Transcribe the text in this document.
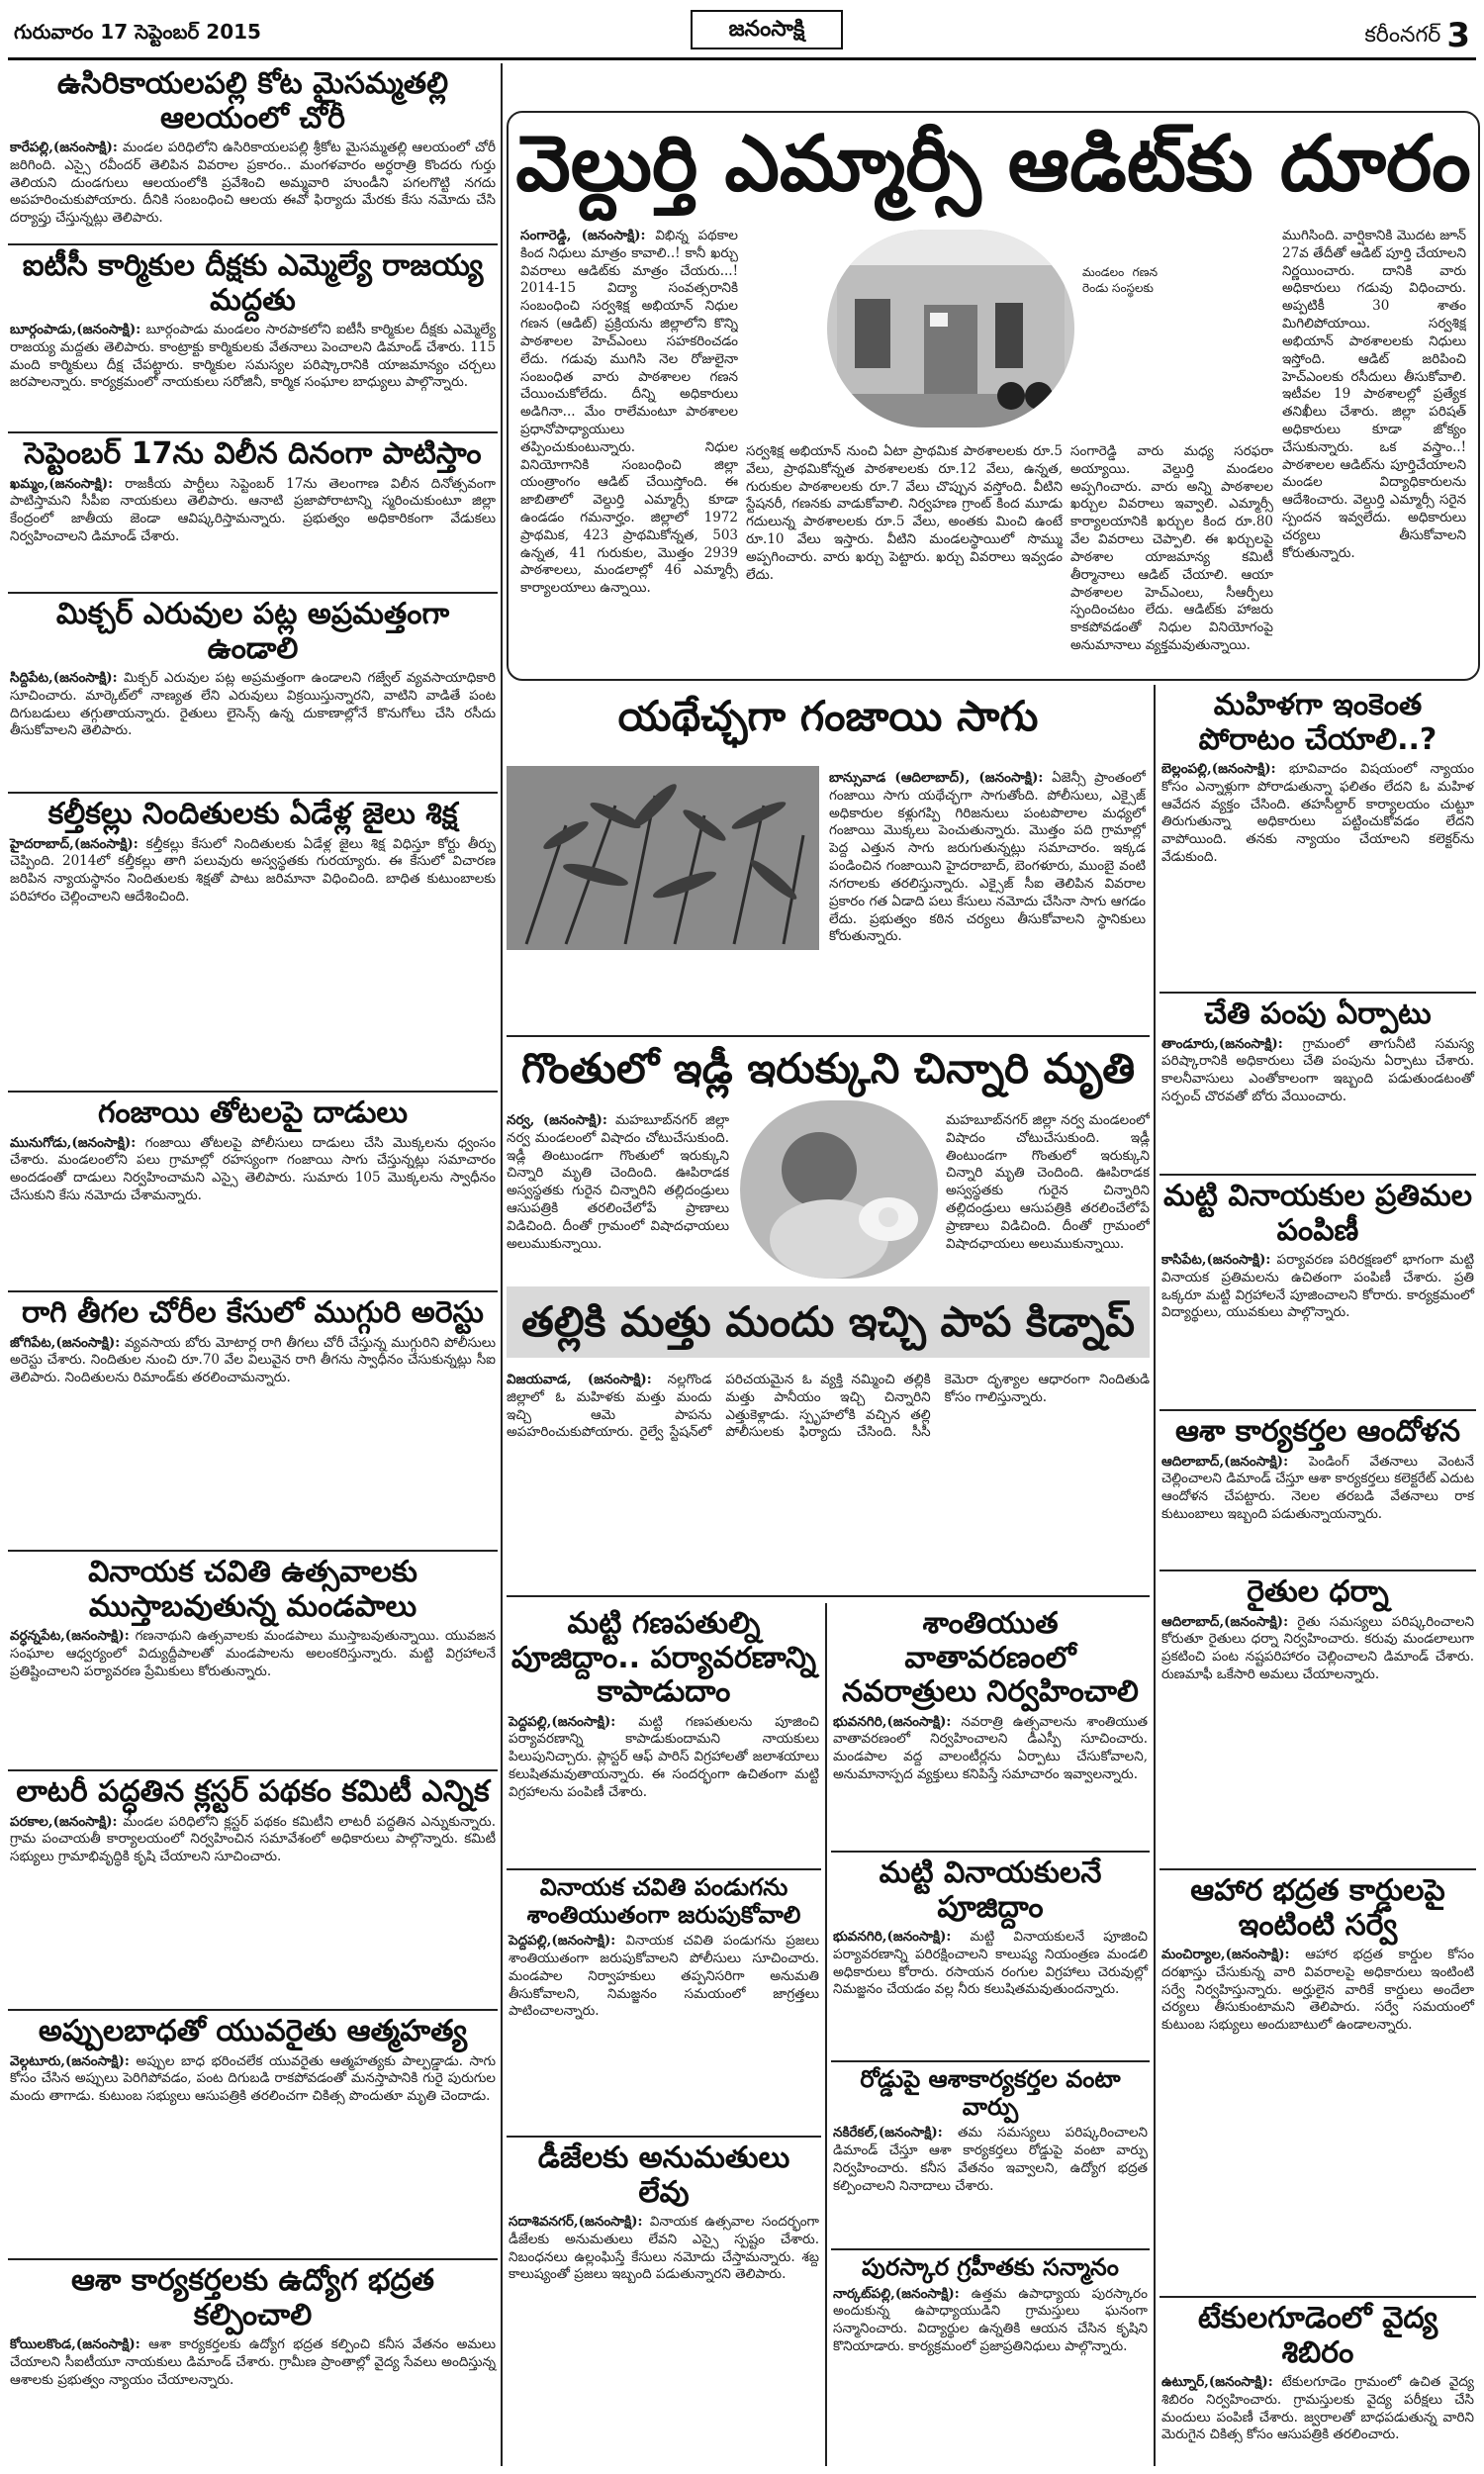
గురువారం 17 సెప్టెంబర్‌ 2015	జనంసాక్షి	కరీంనగర్‌ 3
ఉసిరికాయలపల్లి కోట మైసమ్మతల్లి ఆలయంలో చోరీ
కారేపల్లి,(జనంసాక్షి): మండల పరిధిలోని ఉసిరికాయలపల్లి శ్రీకోట మైసమ్మతల్లి ఆలయంలో చోరీ జరిగింది. ఎస్సై రవీందర్‌ తెలిపిన వివరాల ప్రకారం.. మంగళవారం అర్ధరాత్రి కొందరు గుర్తు తెలియని దుండగులు ఆలయంలోకి ప్రవేశించి అమ్మవారి హుండీని పగలగొట్టి నగదు అపహరించుకుపోయారు. దీనికి సంబంధించి ఆలయ ఈవో ఫిర్యాదు మేరకు కేసు నమోదు చేసి దర్యాప్తు చేస్తున్నట్లు తెలిపారు.
ఐటీసీ కార్మికుల దీక్షకు ఎమ్మెల్యే రాజయ్య మద్దతు
బూర్గంపాడు,(జనంసాక్షి): బూర్గంపాడు మండలం సారపాకలోని ఐటీసీ కార్మికుల దీక్షకు ఎమ్మెల్యే రాజయ్య మద్దతు తెలిపారు. కాంట్రాక్టు కార్మికులకు వేతనాలు పెంచాలని డిమాండ్‌ చేశారు. 115 మంది కార్మికులు దీక్ష చేపట్టారు. కార్మికుల సమస్యల పరిష్కారానికి యాజమాన్యం చర్చలు జరపాలన్నారు. కార్యక్రమంలో నాయకులు సరోజినీ, కార్మిక సంఘాల బాధ్యులు పాల్గొన్నారు.
సెప్టెంబర్‌ 17ను విలీన దినంగా పాటిస్తాం
ఖమ్మం,(జనంసాక్షి): రాజకీయ పార్టీలు సెప్టెంబర్‌ 17ను తెలంగాణ విలీన దినోత్సవంగా పాటిస్తామని సీపీఐ నాయకులు తెలిపారు. ఆనాటి ప్రజాపోరాటాన్ని స్మరించుకుంటూ జిల్లా కేంద్రంలో జాతీయ జెండా ఆవిష్కరిస్తామన్నారు. ప్రభుత్వం అధికారికంగా వేడుకలు నిర్వహించాలని డిమాండ్‌ చేశారు.
మిక్చర్‌ ఎరువుల పట్ల అప్రమత్తంగా ఉండాలి
సిద్దిపేట,(జనంసాక్షి): మిక్చర్‌ ఎరువుల పట్ల అప్రమత్తంగా ఉండాలని గజ్వేల్‌ వ్యవసాయాధికారి సూచించారు. మార్కెట్‌లో నాణ్యత లేని ఎరువులు విక్రయిస్తున్నారని, వాటిని వాడితే పంట దిగుబడులు తగ్గుతాయన్నారు. రైతులు లైసెన్స్‌ ఉన్న దుకాణాల్లోనే కొనుగోలు చేసి రసీదు తీసుకోవాలని తెలిపారు.
కల్తీకల్లు నిందితులకు ఏడేళ్ల జైలు శిక్ష
హైదరాబాద్‌,(జనంసాక్షి): కల్తీకల్లు కేసులో నిందితులకు ఏడేళ్ల జైలు శిక్ష విధిస్తూ కోర్టు తీర్పు చెప్పింది. 2014లో కల్తీకల్లు తాగి పలువురు అస్వస్థతకు గురయ్యారు. ఈ కేసులో విచారణ జరిపిన న్యాయస్థానం నిందితులకు శిక్షతో పాటు జరిమానా విధించింది. బాధిత కుటుంబాలకు పరిహారం చెల్లించాలని ఆదేశించింది.
గంజాయి తోటలపై దాడులు
మునుగోడు,(జనంసాక్షి): గంజాయి తోటలపై పోలీసులు దాడులు చేసి మొక్కలను ధ్వంసం చేశారు. మండలంలోని పలు గ్రామాల్లో రహస్యంగా గంజాయి సాగు చేస్తున్నట్లు సమాచారం అందడంతో దాడులు నిర్వహించామని ఎస్సై తెలిపారు. సుమారు 105 మొక్కలను స్వాధీనం చేసుకుని కేసు నమోదు చేశామన్నారు.
రాగి తీగల చోరీల కేసులో ముగ్గురి అరెస్టు
జోగిపేట,(జనంసాక్షి): వ్యవసాయ బోరు మోటార్ల రాగి తీగలు చోరీ చేస్తున్న ముగ్గురిని పోలీసులు అరెస్టు చేశారు. నిందితుల నుంచి రూ.70 వేల విలువైన రాగి తీగను స్వాధీనం చేసుకున్నట్లు సీఐ తెలిపారు. నిందితులను రిమాండ్‌కు తరలించామన్నారు.
వినాయక చవితి ఉత్సవాలకు ముస్తాబవుతున్న మండపాలు
వర్ధన్నపేట,(జనంసాక్షి): గణనాథుని ఉత్సవాలకు మండపాలు ముస్తాబవుతున్నాయి. యువజన సంఘాల ఆధ్వర్యంలో విద్యుద్దీపాలతో మండపాలను అలంకరిస్తున్నారు. మట్టి విగ్రహాలనే ప్రతిష్టించాలని పర్యావరణ ప్రేమికులు కోరుతున్నారు.
లాటరీ పద్ధతిన క్లస్టర్‌ పథకం కమిటీ ఎన్నిక
పరకాల,(జనంసాక్షి): మండల పరిధిలోని క్లస్టర్‌ పథకం కమిటీని లాటరీ పద్ధతిన ఎన్నుకున్నారు. గ్రామ పంచాయతీ కార్యాలయంలో నిర్వహించిన సమావేశంలో అధికారులు పాల్గొన్నారు. కమిటీ సభ్యులు గ్రామాభివృద్ధికి కృషి చేయాలని సూచించారు.
అప్పులబాధతో యువరైతు ఆత్మహత్య
వెల్గటూరు,(జనంసాక్షి): అప్పుల బాధ భరించలేక యువరైతు ఆత్మహత్యకు పాల్పడ్డాడు. సాగు కోసం చేసిన అప్పులు పెరిగిపోవడం, పంట దిగుబడి రాకపోవడంతో మనస్తాపానికి గురై పురుగుల మందు తాగాడు. కుటుంబ సభ్యులు ఆసుపత్రికి తరలించగా చికిత్స పొందుతూ మృతి చెందాడు.
ఆశా కార్యకర్తలకు ఉద్యోగ భద్రత కల్పించాలి
కోయిలకొండ,(జనంసాక్షి): ఆశా కార్యకర్తలకు ఉద్యోగ భద్రత కల్పించి కనీస వేతనం అమలు చేయాలని సీఐటీయూ నాయకులు డిమాండ్‌ చేశారు. గ్రామీణ ప్రాంతాల్లో వైద్య సేవలు అందిస్తున్న ఆశాలకు ప్రభుత్వం న్యాయం చేయాలన్నారు.
వెల్దుర్తి ఎమ్మార్సీ ఆడిట్‌కు దూరం
సంగారెడ్డి, (జనంసాక్షి): విభిన్న పథకాల కింద నిధులు మాత్రం కావాలి..! కానీ ఖర్చు వివరాలు ఆడిట్‌కు మాత్రం చేయరు...! 2014-15 విద్యా సంవత్సరానికి సంబంధించి సర్వశిక్ష అభియాన్‌ నిధుల గణన (ఆడిట్‌) ప్రక్రియను జిల్లాలోని కొన్ని పాఠశాలల హెచ్‌ఎంలు సహకరించడం లేదు. గడువు ముగిసి నెల రోజులైనా సంబంధిత వారు పాఠశాలల గణన చేయించుకోలేదు. దీన్ని అధికారులు అడిగినా... మేం రాలేమంటూ పాఠశాలల ప్రధానోపాధ్యాయులు తప్పించుకుంటున్నారు. నిధుల వినియోగానికి సంబంధించి జిల్లా యంత్రాంగం ఆడిట్‌ చేయిస్తోంది. ఈ జాబితాలో వెల్దుర్తి ఎమ్మార్సీ కూడా ఉండడం గమనార్హం. జిల్లాలో 1972 ప్రాథమిక, 423 ప్రాథమికోన్నత, 503 ఉన్నత, 41 గురుకుల, మొత్తం 2939 పాఠశాలలు, మండలాల్లో 46 ఎమ్మార్సీ కార్యాలయాలు ఉన్నాయి.
మండలం గణన రెండు సంస్థలకు
సర్వశిక్ష అభియాన్‌ నుంచి ఏటా ప్రాథమిక పాఠశాలలకు రూ.5 వేలు, ప్రాథమికోన్నత పాఠశాలలకు రూ.12 వేలు, ఉన్నత, గురుకుల పాఠశాలలకు రూ.7 వేలు చొప్పున వస్తోంది. వీటిని స్టేషనరీ, గణనకు వాడుకోవాలి. నిర్వహణ గ్రాంట్‌ కింద మూడు గదులున్న పాఠశాలలకు రూ.5 వేలు, అంతకు మించి ఉంటే రూ.10 వేలు ఇస్తారు. వీటిని మండలస్థాయిలో సొమ్ము అప్పగించారు. వారు ఖర్చు పెట్టారు. ఖర్చు వివరాలు ఇవ్వడం లేదు.
సంగారెడ్డి వారు మధ్య సరఫరా అయ్యాయి. వెల్దుర్తి మండలం అప్పగించారు. వారు అన్ని పాఠశాలల ఖర్చుల వివరాలు ఇవ్వాలి. ఎమ్మార్సీ కార్యాలయానికి ఖర్చుల కింద రూ.80 వేల వివరాలు చెప్పాలి. ఈ ఖర్చులపై పాఠశాల యాజమాన్య కమిటీ తీర్మానాలు ఆడిట్‌ చేయాలి. ఆయా పాఠశాలల హెచ్‌ఎంలు, సీఆర్పీలు స్పందించటం లేదు. ఆడిట్‌కు హాజరు కాకపోవడంతో నిధుల వినియోగంపై అనుమానాలు వ్యక్తమవుతున్నాయి.
ముగిసింది. వార్షికానికి మొదట జూన్‌ 27వ తేదీతో ఆడిట్‌ పూర్తి చేయాలని నిర్ణయించారు. దానికి వారు అధికారులు గడువు విధించారు. అప్పటికీ 30 శాతం మిగిలిపోయాయి. సర్వశిక్ష అభియాన్‌ పాఠశాలలకు నిధులు ఇస్తోంది. ఆడిట్‌ జరిపించి హెచ్‌ఎంలకు రసీదులు తీసుకోవాలి. ఇటీవల 19 పాఠశాలల్లో ప్రత్యేక తనిఖీలు చేశారు. జిల్లా పరిషత్‌ అధికారులు కూడా జోక్యం చేసుకున్నారు. ఒక వస్త్రాం..! పాఠశాలల ఆడిట్‌ను పూర్తిచేయాలని మండల విద్యాధికారులను ఆదేశించారు. వెల్దుర్తి ఎమ్మార్సీ సరైన స్పందన ఇవ్వలేదు. అధికారులు చర్యలు తీసుకోవాలని కోరుతున్నారు.
యథేచ్ఛగా గంజాయి సాగు
బాన్సువాడ (ఆదిలాబాద్‌), (జనంసాక్షి): ఏజెన్సీ ప్రాంతంలో గంజాయి సాగు యథేచ్ఛగా సాగుతోంది. పోలీసులు, ఎక్సైజ్‌ అధికారుల కళ్లుగప్పి గిరిజనులు పంటపొలాల మధ్యలో గంజాయి మొక్కలు పెంచుతున్నారు. మొత్తం పది గ్రామాల్లో పెద్ద ఎత్తున సాగు జరుగుతున్నట్లు సమాచారం. ఇక్కడ పండించిన గంజాయిని హైదరాబాద్‌, బెంగళూరు, ముంబై వంటి నగరాలకు తరలిస్తున్నారు. ఎక్సైజ్‌ సీఐ తెలిపిన వివరాల ప్రకారం గత ఏడాది పలు కేసులు నమోదు చేసినా సాగు ఆగడం లేదు. ప్రభుత్వం కఠిన చర్యలు తీసుకోవాలని స్థానికులు కోరుతున్నారు.
గొంతులో ఇడ్లీ ఇరుక్కుని చిన్నారి మృతి
నర్వ, (జనంసాక్షి): మహబూబ్‌నగర్‌ జిల్లా నర్వ మండలంలో విషాదం చోటుచేసుకుంది. ఇడ్లీ తింటుండగా గొంతులో ఇరుక్కుని చిన్నారి మృతి చెందింది. ఊపిరాడక అస్వస్థతకు గురైన చిన్నారిని తల్లిదండ్రులు ఆసుపత్రికి తరలించేలోపే ప్రాణాలు విడిచింది. దీంతో గ్రామంలో విషాదఛాయలు అలుముకున్నాయి.
మహబూబ్‌నగర్‌ జిల్లా నర్వ మండలంలో విషాదం చోటుచేసుకుంది. ఇడ్లీ తింటుండగా గొంతులో ఇరుక్కుని చిన్నారి మృతి చెందింది. ఊపిరాడక అస్వస్థతకు గురైన చిన్నారిని తల్లిదండ్రులు ఆసుపత్రికి తరలించేలోపే ప్రాణాలు విడిచింది. దీంతో గ్రామంలో విషాదఛాయలు అలుముకున్నాయి.
తల్లికి మత్తు మందు ఇచ్చి పాప కిడ్నాప్‌
విజయవాడ, (జనంసాక్షి): నల్లగొండ జిల్లాలో ఓ మహిళకు మత్తు మందు ఇచ్చి ఆమె పాపను అపహరించుకుపోయారు. రైల్వే స్టేషన్‌లో పరిచయమైన ఓ వ్యక్తి నమ్మించి తల్లికి మత్తు పానీయం ఇచ్చి చిన్నారిని ఎత్తుకెళ్లాడు. స్పృహలోకి వచ్చిన తల్లి పోలీసులకు ఫిర్యాదు చేసింది. సీసీ కెమెరా దృశ్యాల ఆధారంగా నిందితుడి కోసం గాలిస్తున్నారు.
మట్టి గణపతుల్ని పూజిద్దాం.. పర్యావరణాన్ని కాపాడుదాం
పెద్దపల్లి,(జనంసాక్షి): మట్టి గణపతులను పూజించి పర్యావరణాన్ని కాపాడుకుందామని నాయకులు పిలుపునిచ్చారు. ప్లాస్టర్‌ ఆఫ్‌ పారిస్‌ విగ్రహాలతో జలాశయాలు కలుషితమవుతాయన్నారు. ఈ సందర్భంగా ఉచితంగా మట్టి విగ్రహాలను పంపిణీ చేశారు.
వినాయక చవితి పండుగను శాంతియుతంగా జరుపుకోవాలి
పెద్దపల్లి,(జనంసాక్షి): వినాయక చవితి పండుగను ప్రజలు శాంతియుతంగా జరుపుకోవాలని పోలీసులు సూచించారు. మండపాల నిర్వాహకులు తప్పనిసరిగా అనుమతి తీసుకోవాలని, నిమజ్జనం సమయంలో జాగ్రత్తలు పాటించాలన్నారు.
డీజేలకు అనుమతులు లేవు
సదాశివనగర్‌,(జనంసాక్షి): వినాయక ఉత్సవాల సందర్భంగా డీజేలకు అనుమతులు లేవని ఎస్సై స్పష్టం చేశారు. నిబంధనలు ఉల్లంఘిస్తే కేసులు నమోదు చేస్తామన్నారు. శబ్ద కాలుష్యంతో ప్రజలు ఇబ్బంది పడుతున్నారని తెలిపారు.
శాంతియుత వాతావరణంలో నవరాత్రులు నిర్వహించాలి
భువనగిరి,(జనంసాక్షి): నవరాత్రి ఉత్సవాలను శాంతియుత వాతావరణంలో నిర్వహించాలని డీఎస్పీ సూచించారు. మండపాల వద్ద వాలంటీర్లను ఏర్పాటు చేసుకోవాలని, అనుమానాస్పద వ్యక్తులు కనిపిస్తే సమాచారం ఇవ్వాలన్నారు.
మట్టి వినాయకులనే పూజిద్దాం
భువనగిరి,(జనంసాక్షి): మట్టి వినాయకులనే పూజించి పర్యావరణాన్ని పరిరక్షించాలని కాలుష్య నియంత్రణ మండలి అధికారులు కోరారు. రసాయన రంగుల విగ్రహాలు చెరువుల్లో నిమజ్జనం చేయడం వల్ల నీరు కలుషితమవుతుందన్నారు.
రోడ్డుపై ఆశాకార్యకర్తల వంటా వార్పు
నకిరేకల్‌,(జనంసాక్షి): తమ సమస్యలు పరిష్కరించాలని డిమాండ్‌ చేస్తూ ఆశా కార్యకర్తలు రోడ్డుపై వంటా వార్పు నిర్వహించారు. కనీస వేతనం ఇవ్వాలని, ఉద్యోగ భద్రత కల్పించాలని నినాదాలు చేశారు.
పురస్కార గ్రహీతకు సన్మానం
నార్కట్‌పల్లి,(జనంసాక్షి): ఉత్తమ ఉపాధ్యాయ పురస్కారం అందుకున్న ఉపాధ్యాయుడిని గ్రామస్తులు ఘనంగా సన్మానించారు. విద్యార్థుల ఉన్నతికి ఆయన చేసిన కృషిని కొనియాడారు. కార్యక్రమంలో ప్రజాప్రతినిధులు పాల్గొన్నారు.
మహిళగా ఇంకెంత పోరాటం చేయాలి..?
బెల్లంపల్లి,(జనంసాక్షి): భూవివాదం విషయంలో న్యాయం కోసం ఎన్నాళ్లుగా పోరాడుతున్నా ఫలితం లేదని ఓ మహిళ ఆవేదన వ్యక్తం చేసింది. తహసీల్దార్‌ కార్యాలయం చుట్టూ తిరుగుతున్నా అధికారులు పట్టించుకోవడం లేదని వాపోయింది. తనకు న్యాయం చేయాలని కలెక్టర్‌ను వేడుకుంది.
చేతి పంపు ఏర్పాటు
తాండూరు,(జనంసాక్షి): గ్రామంలో తాగునీటి సమస్య పరిష్కారానికి అధికారులు చేతి పంపును ఏర్పాటు చేశారు. కాలనీవాసులు ఎంతోకాలంగా ఇబ్బంది పడుతుండటంతో సర్పంచ్‌ చొరవతో బోరు వేయించారు.
మట్టి వినాయకుల ప్రతిమల పంపిణీ
కాసిపేట,(జనంసాక్షి): పర్యావరణ పరిరక్షణలో భాగంగా మట్టి వినాయక ప్రతిమలను ఉచితంగా పంపిణీ చేశారు. ప్రతి ఒక్కరూ మట్టి విగ్రహాలనే పూజించాలని కోరారు. కార్యక్రమంలో విద్యార్థులు, యువకులు పాల్గొన్నారు.
ఆశా కార్యకర్తల ఆందోళన
ఆదిలాబాద్‌,(జనంసాక్షి): పెండింగ్‌ వేతనాలు వెంటనే చెల్లించాలని డిమాండ్‌ చేస్తూ ఆశా కార్యకర్తలు కలెక్టరేట్‌ ఎదుట ఆందోళన చేపట్టారు. నెలల తరబడి వేతనాలు రాక కుటుంబాలు ఇబ్బంది పడుతున్నాయన్నారు.
రైతుల ధర్నా
ఆదిలాబాద్‌,(జనంసాక్షి): రైతు సమస్యలు పరిష్కరించాలని కోరుతూ రైతులు ధర్నా నిర్వహించారు. కరువు మండలాలుగా ప్రకటించి పంట నష్టపరిహారం చెల్లించాలని డిమాండ్‌ చేశారు. రుణమాఫీ ఒకేసారి అమలు చేయాలన్నారు.
ఆహార భద్రత కార్డులపై ఇంటింటి సర్వే
మంచిర్యాల,(జనంసాక్షి): ఆహార భద్రత కార్డుల కోసం దరఖాస్తు చేసుకున్న వారి వివరాలపై అధికారులు ఇంటింటి సర్వే నిర్వహిస్తున్నారు. అర్హులైన వారికే కార్డులు అందేలా చర్యలు తీసుకుంటామని తెలిపారు. సర్వే సమయంలో కుటుంబ సభ్యులు అందుబాటులో ఉండాలన్నారు.
టేకులగూడెంలో వైద్య శిబిరం
ఉట్నూర్‌,(జనంసాక్షి): టేకులగూడెం గ్రామంలో ఉచిత వైద్య శిబిరం నిర్వహించారు. గ్రామస్తులకు వైద్య పరీక్షలు చేసి మందులు పంపిణీ చేశారు. జ్వరాలతో బాధపడుతున్న వారిని మెరుగైన చికిత్స కోసం ఆసుపత్రికి తరలించారు.
